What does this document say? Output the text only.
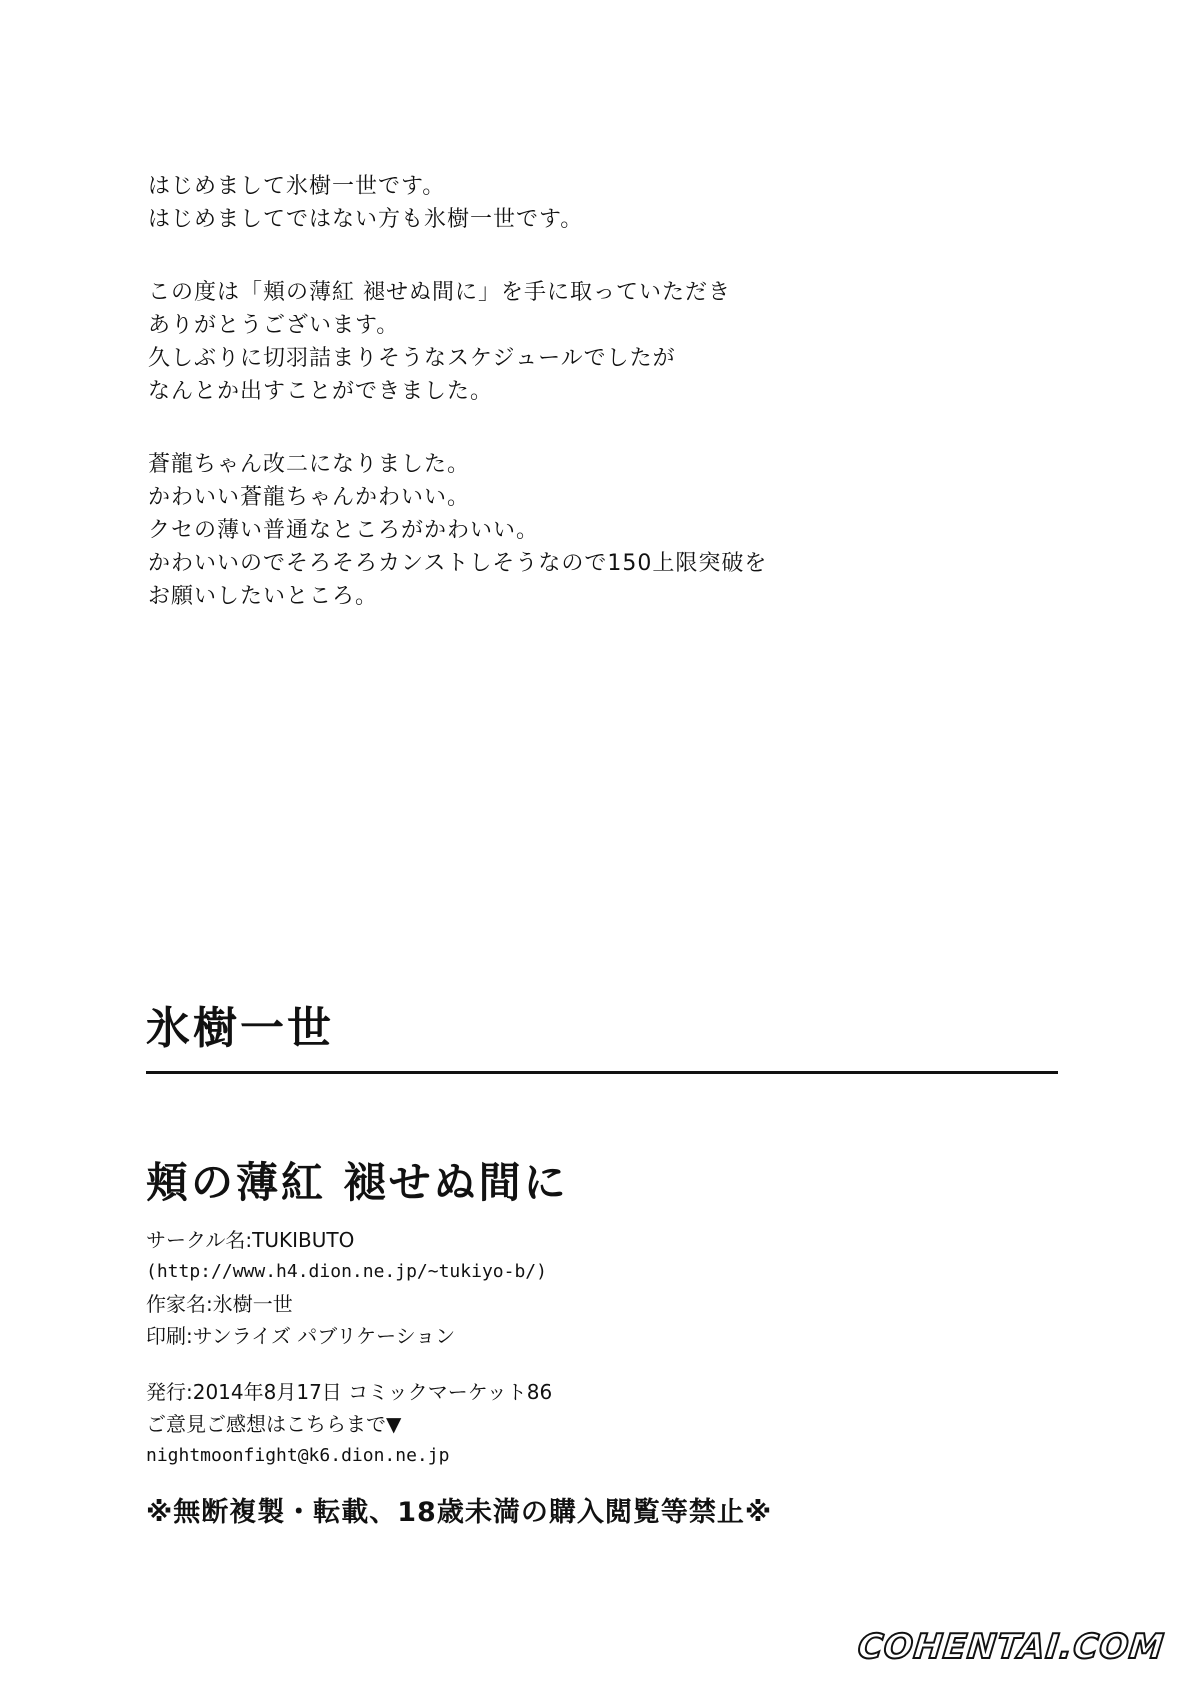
はじめまして氷樹一世です。
はじめましてではない方も氷樹一世です。
この度は「頬の薄紅 褪せぬ間に」を手に取っていただき
ありがとうございます。
久しぶりに切羽詰まりそうなスケジュールでしたが
なんとか出すことができました。
蒼龍ちゃん改二になりました。
かわいい蒼龍ちゃんかわいい。
クセの薄い普通なところがかわいい。
かわいいのでそろそろカンストしそうなので150上限突破を
お願いしたいところ。
氷樹一世
頬の薄紅 褪せぬ間に
サークル名:TUKIBUTO
(http://www.h4.dion.ne.jp/~tukiyo-b/)
作家名:氷樹一世
印刷:サンライズ パブリケーション
発行:2014年8月17日 コミックマーケット86
ご意見ご感想はこちらまで▼
nightmoonfight@k6.dion.ne.jp
※無断複製・転載、18歳未満の購入閲覧等禁止※
COHENTAI.COM
